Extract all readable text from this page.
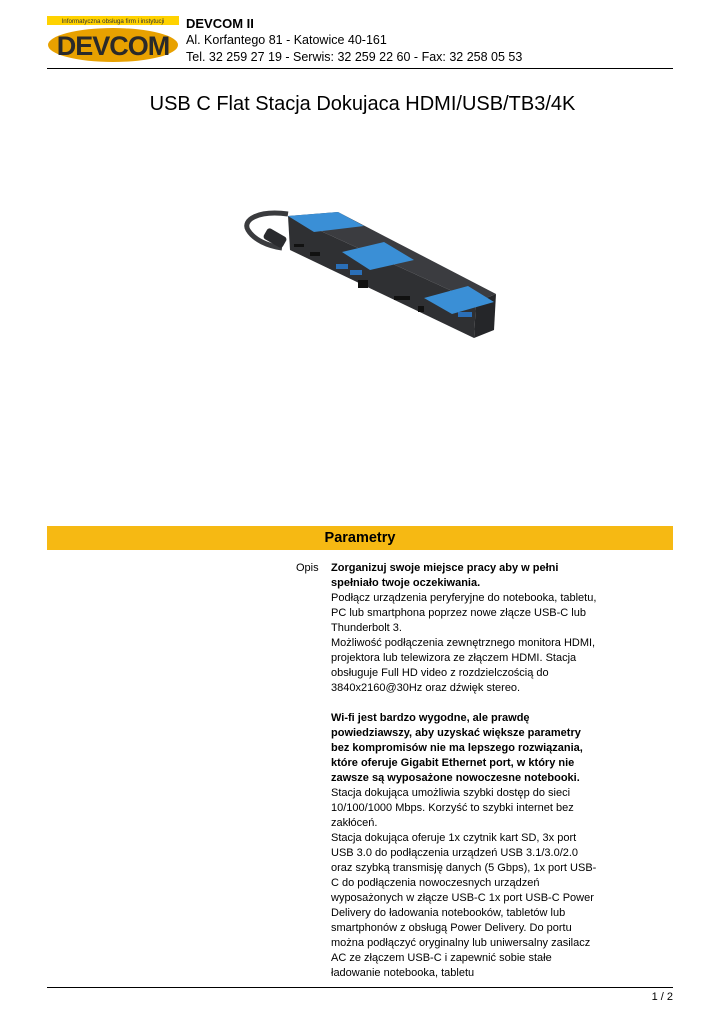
Informatyczna obsługa firm i instytucji
DEVCOM
DEVCOM II
Al. Korfantego 81 - Katowice 40-161
Tel. 32 259 27 19 - Serwis: 32 259 22 60 - Fax: 32 258 05 53
USB C Flat Stacja Dokujaca HDMI/USB/TB3/4K
Parametry
Opis Zorganizuj swoje miejsce pracy aby w pełni spełniało twoje oczekiwania.

Podłącz urządzenia peryferyjne do notebooka, tabletu, PC lub smartphona poprzez nowe złącze USB-C lub Thunderbolt 3.

Możliwość podłączenia zewnętrznego monitora HDMI, projektora lub telewizora ze złączem HDMI. Stacja obsługuje Full HD video z rozdzielczością do 3840x2160@30Hz oraz dźwięk stereo.

Wi-fi jest bardzo wygodne, ale prawdę powiedziawszy, aby uzyskać większe parametry bez kompromisów nie ma lepszego rozwiązania, które oferuje Gigabit Ethernet port, w który nie zawsze są wyposażone nowoczesne notebooki.

Stacja dokująca umożliwia szybki dostęp do sieci 10/100/1000 Mbps. Korzyść to szybki internet bez zakłóceń.

Stacja dokująca oferuje 1x czytnik kart SD, 3x port USB 3.0 do podłączenia urządzeń USB 3.1/3.0/2.0 oraz szybką transmisję danych (5 Gbps), 1x port USB-C do podłączenia nowoczesnych urządzeń wyposażonych w złącze USB-C 1x port USB-C Power Delivery do ładowania notebooków, tabletów lub smartphonów z obsługą Power Delivery. Do portu można podłączyć oryginalny lub uniwersalny zasilacz AC ze złączem USB-C i zapewnić sobie stałe ładowanie notebooka, tabletu

1 / 2
